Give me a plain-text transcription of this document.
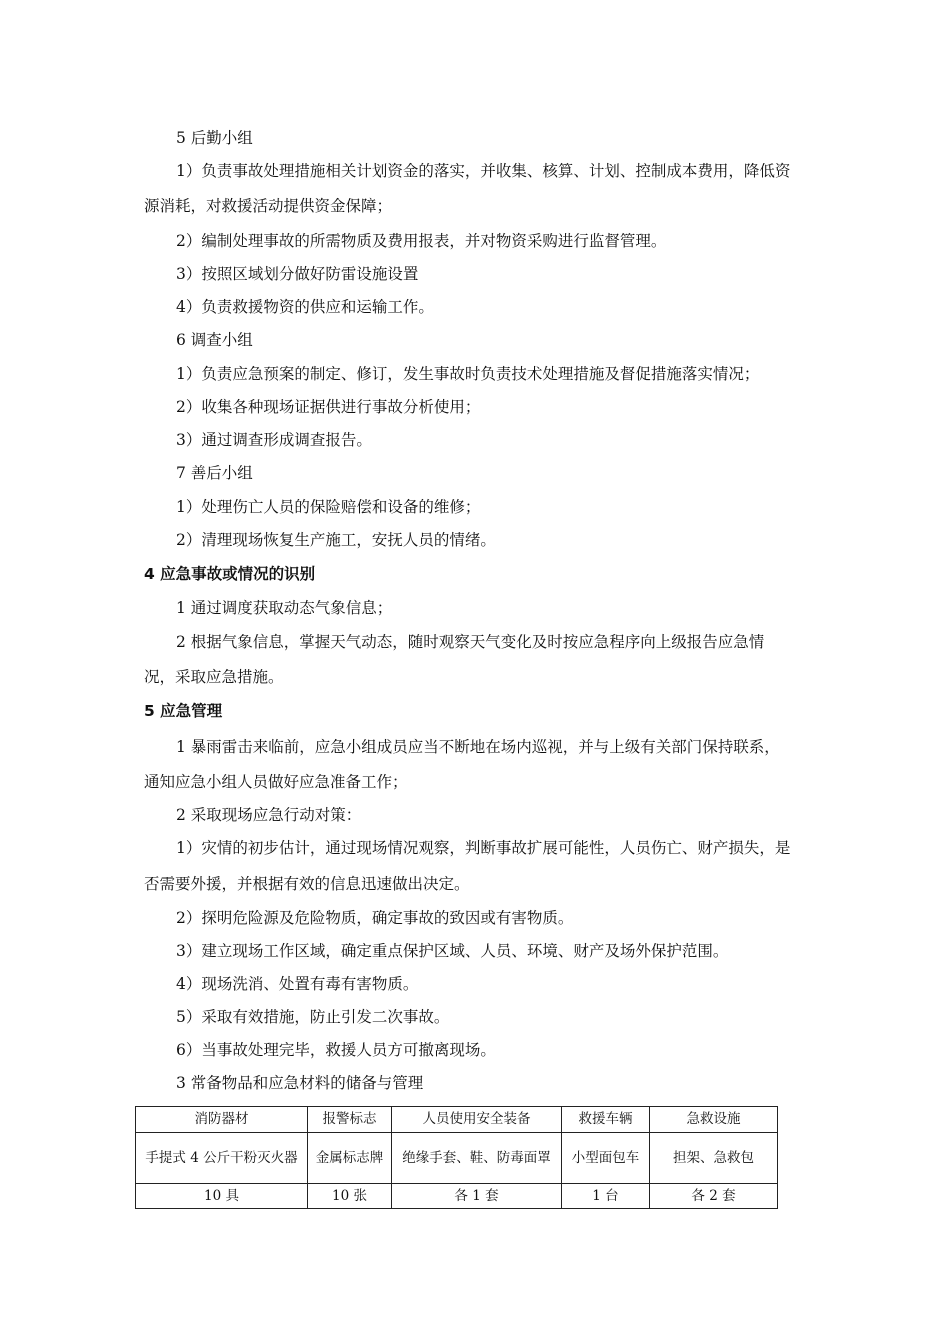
5 后勤小组
1）负责事故处理措施相关计划资金的落实，并收集、核算、计划、控制成本费用，降低资
源消耗，对救援活动提供资金保障；
2）编制处理事故的所需物质及费用报表，并对物资采购进行监督管理。
3）按照区域划分做好防雷设施设置
4）负责救援物资的供应和运输工作。
6 调查小组
1）负责应急预案的制定、修订，发生事故时负责技术处理措施及督促措施落实情况；
2）收集各种现场证据供进行事故分析使用；
3）通过调查形成调查报告。
7 善后小组
1）处理伤亡人员的保险赔偿和设备的维修；
2）清理现场恢复生产施工，安抚人员的情绪。
4 应急事故或情况的识别
1 通过调度获取动态气象信息；
2 根据气象信息，掌握天气动态，随时观察天气变化及时按应急程序向上级报告应急情
况，采取应急措施。
5 应急管理
1 暴雨雷击来临前，应急小组成员应当不断地在场内巡视，并与上级有关部门保持联系，
通知应急小组人员做好应急准备工作；
2 采取现场应急行动对策：
1）灾情的初步估计，通过现场情况观察，判断事故扩展可能性，人员伤亡、财产损失，是
否需要外援，并根据有效的信息迅速做出决定。
2）探明危险源及危险物质，确定事故的致因或有害物质。
3）建立现场工作区域，确定重点保护区域、人员、环境、财产及场外保护范围。
4）现场洗消、处置有毒有害物质。
5）采取有效措施，防止引发二次事故。
6）当事故处理完毕，救援人员方可撤离现场。
3 常备物品和应急材料的储备与管理
消防器材	报警标志	人员使用安全装备	救援车辆	急救设施
手提式 4 公斤干粉灭火器	金属标志牌	绝缘手套、鞋、防毒面罩	小型面包车	担架、急救包
10 具	10 张	各 1 套	1 台	各 2 套
